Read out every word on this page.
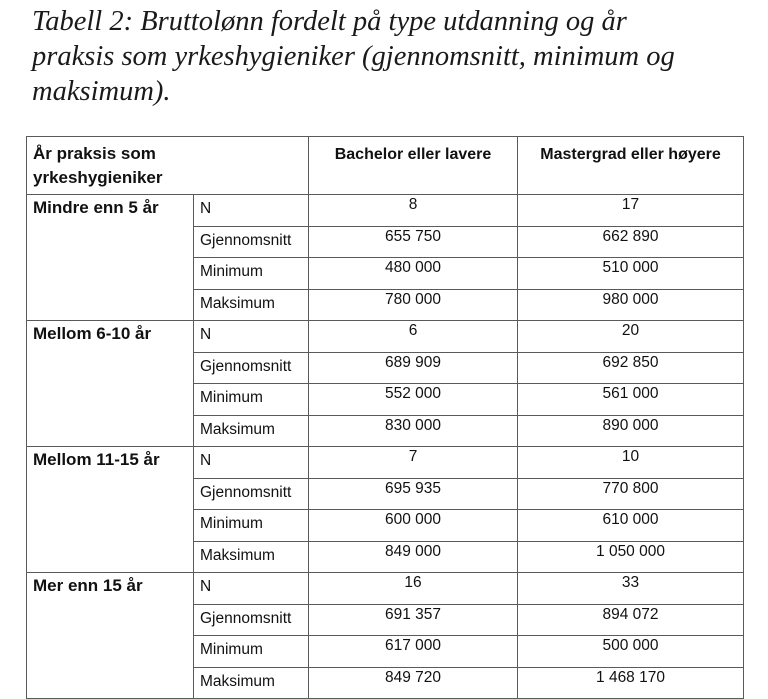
Tabell 2: Bruttolønn fordelt på type utdanning og år
praksis som yrkeshygieniker (gjennomsnitt, minimum og
maksimum).
År praksis som
yrkeshygieniker		Bachelor eller lavere	Mastergrad eller høyere
Mindre enn 5 år	N	8	17
	Gjennomsnitt	655 750	662 890
	Minimum	480 000	510 000
	Maksimum	780 000	980 000
Mellom 6-10 år	N	6	20
	Gjennomsnitt	689 909	692 850
	Minimum	552 000	561 000
	Maksimum	830 000	890 000
Mellom 11-15 år	N	7	10
	Gjennomsnitt	695 935	770 800
	Minimum	600 000	610 000
	Maksimum	849 000	1 050 000
Mer enn 15 år	N	16	33
	Gjennomsnitt	691 357	894 072
	Minimum	617 000	500 000
	Maksimum	849 720	1 468 170
